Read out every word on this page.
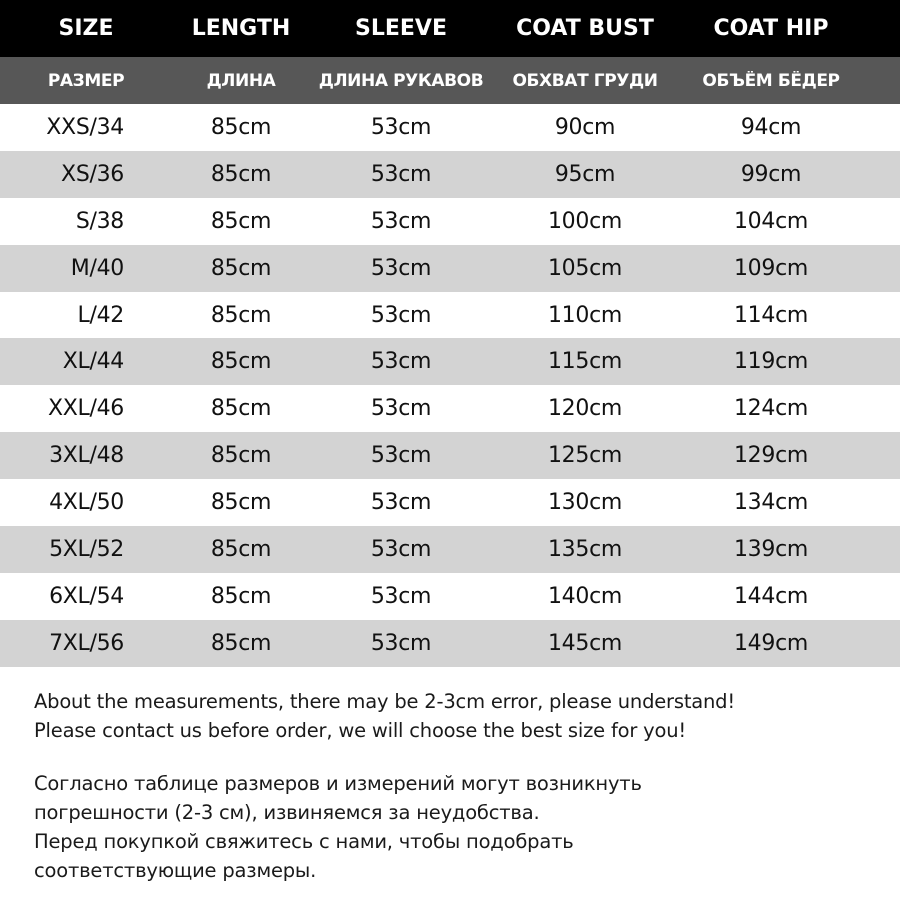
SIZE	LENGTH	SLEEVE	COAT BUST	COAT HIP
РАЗМЕР	ДЛИНА	ДЛИНА РУКАВОВ	ОБХВАТ ГРУДИ	ОБЪЁМ БЁДЕР
XXS/34	85cm	53cm	90cm	94cm
XS/36	85cm	53cm	95cm	99cm
S/38	85cm	53cm	100cm	104cm
M/40	85cm	53cm	105cm	109cm
L/42	85cm	53cm	110cm	114cm
XL/44	85cm	53cm	115cm	119cm
XXL/46	85cm	53cm	120cm	124cm
3XL/48	85cm	53cm	125cm	129cm
4XL/50	85cm	53cm	130cm	134cm
5XL/52	85cm	53cm	135cm	139cm
6XL/54	85cm	53cm	140cm	144cm
7XL/56	85cm	53cm	145cm	149cm
About the measurements, there may be 2-3cm error, please understand!
Please contact us before order, we will choose the best size for you!
Согласно таблице размеров и измерений могут возникнуть
погрешности (2-3 см), извиняемся за неудобства.
Перед покупкой свяжитесь с нами, чтобы подобрать
соответствующие размеры.
